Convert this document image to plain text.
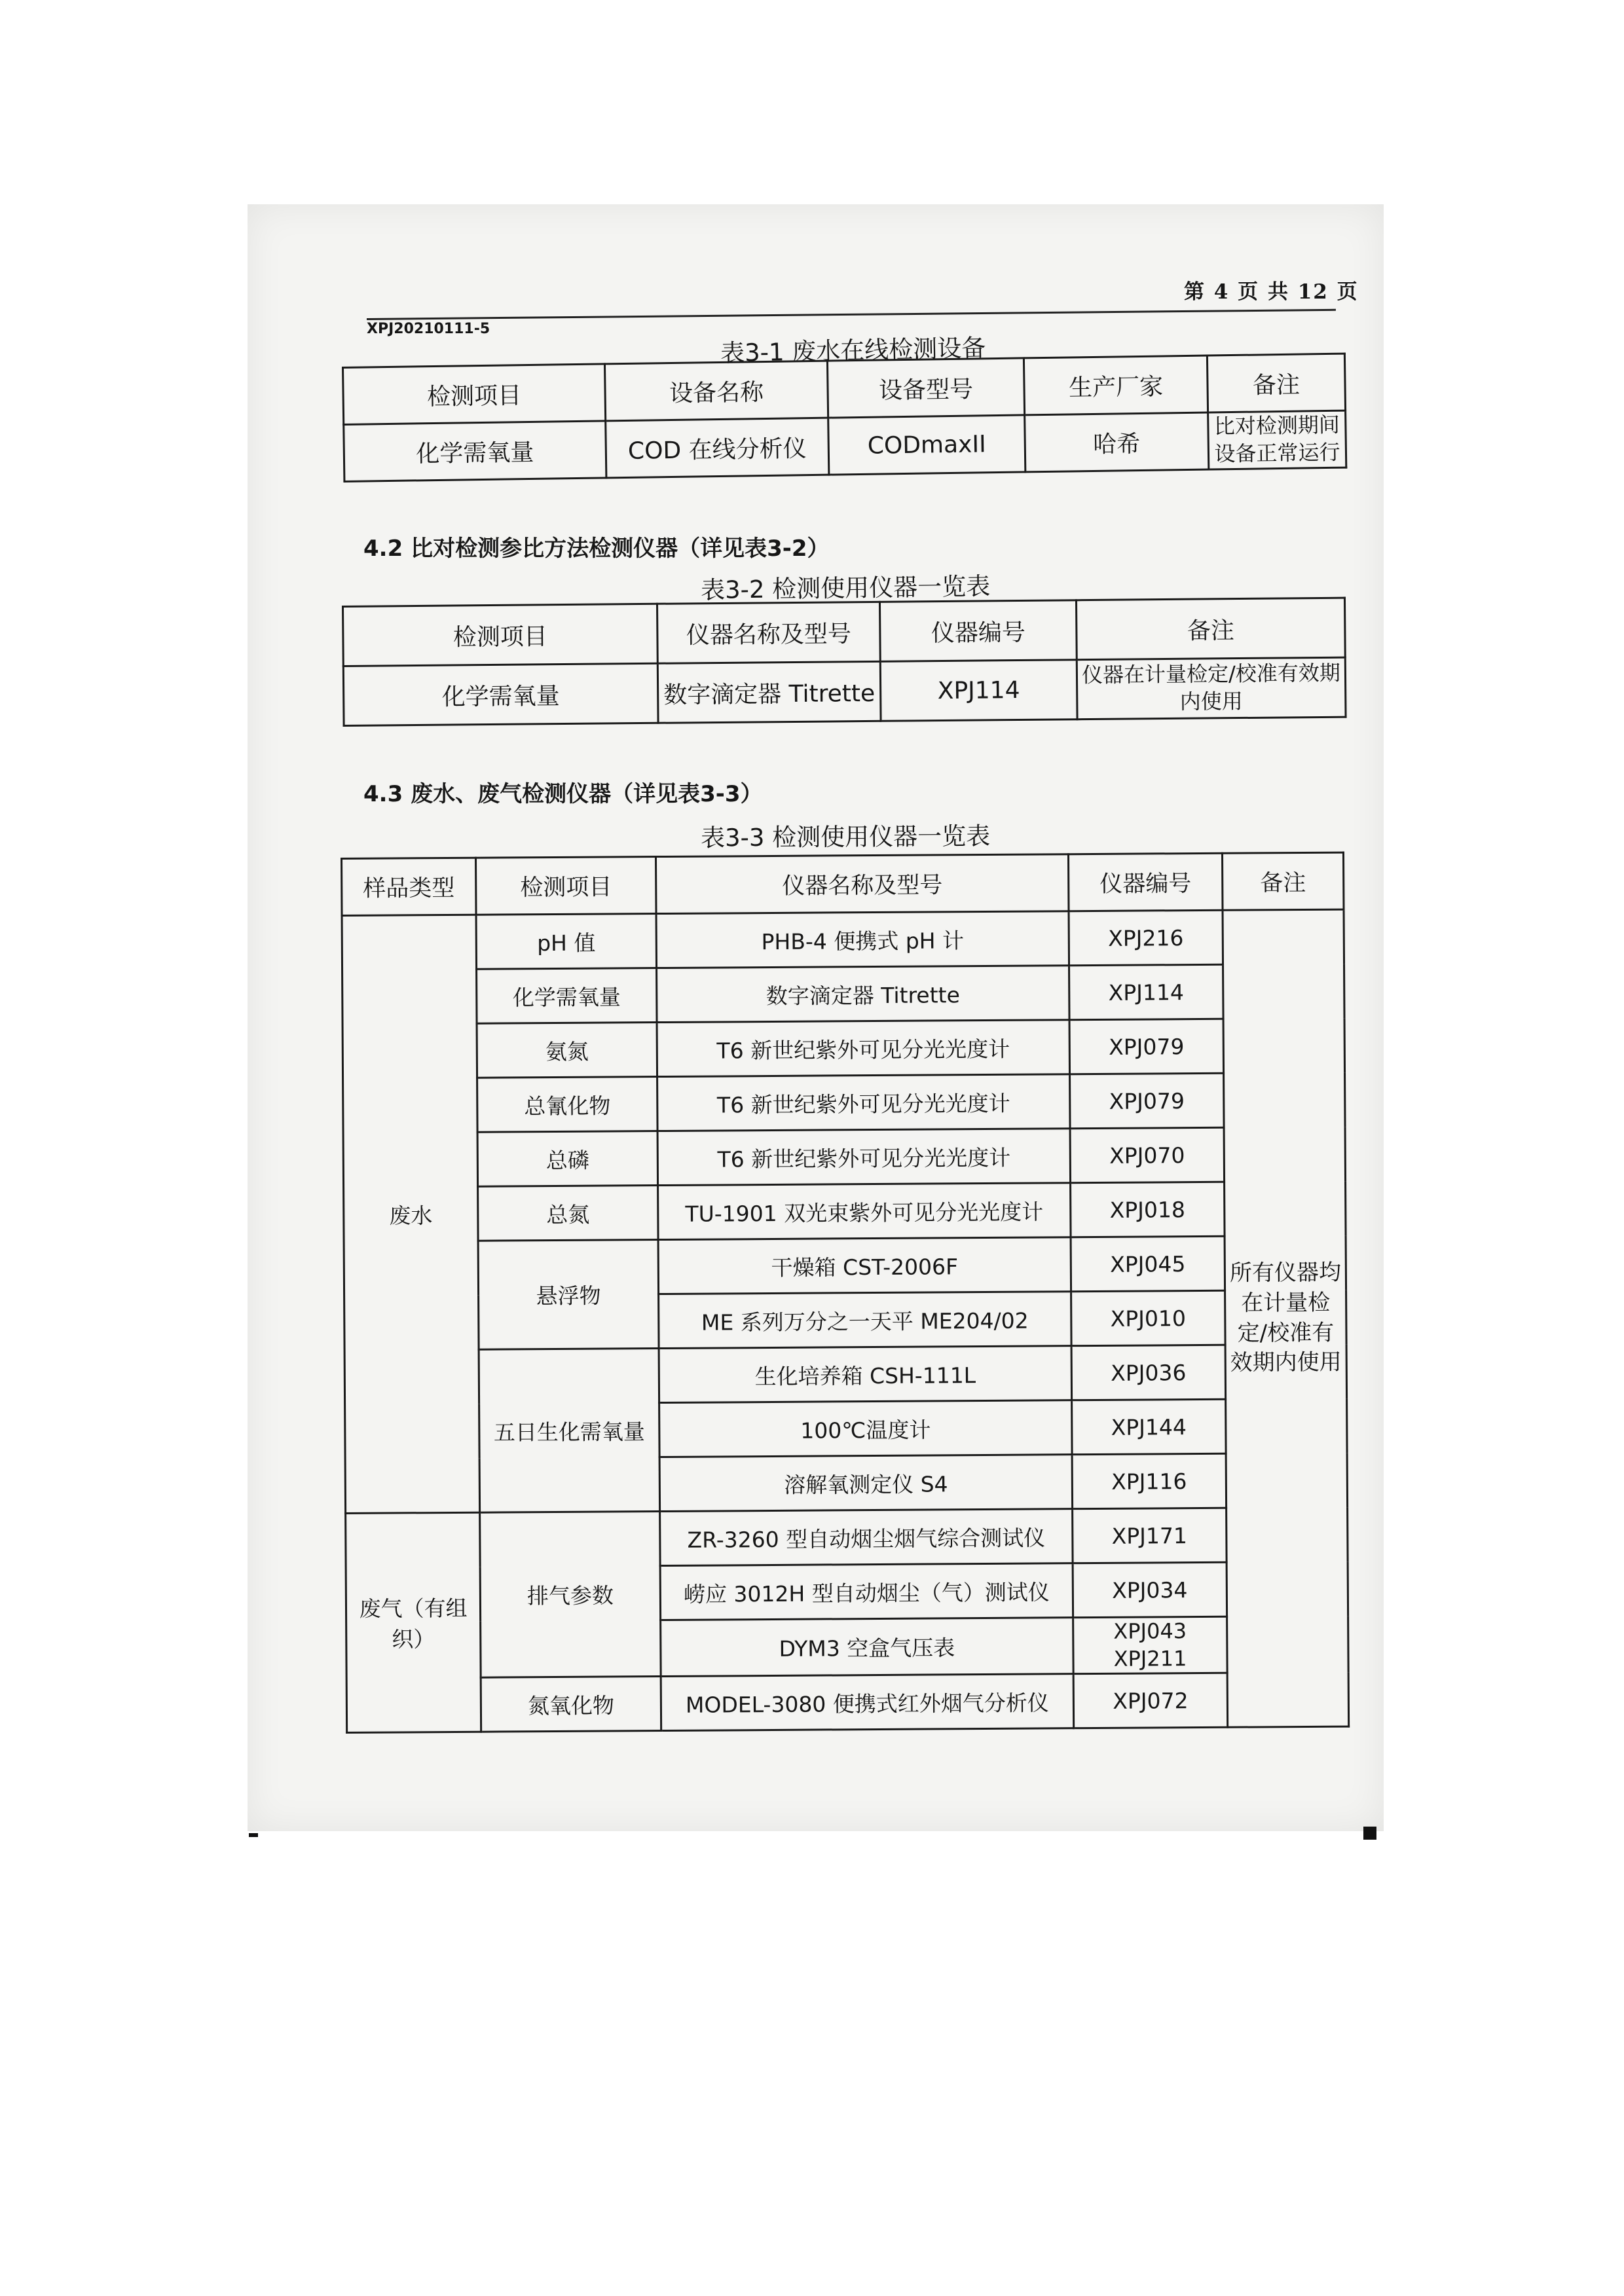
第 4 页 共 12 页
XPJ20210111-5
表3-1 废水在线检测设备
检测项目	设备名称	设备型号	生产厂家	备注
化学需氧量	COD 在线分析仪	CODmaxII	哈希	比对检测期间设备正常运行
4.2 比对检测参比方法检测仪器（详见表3-2）
表3-2 检测使用仪器一览表
检测项目	仪器名称及型号	仪器编号	备注
化学需氧量	数字滴定器 Titrette	XPJ114	仪器在计量检定/校准有效期内使用
4.3 废水、废气检测仪器（详见表3-3）
表3-3 检测使用仪器一览表
样品类型	检测项目	仪器名称及型号	仪器编号	备注
废水	pH 值	PHB-4 便携式 pH 计	XPJ216	所有仪器均在计量检定/校准有效期内使用
	化学需氧量	数字滴定器 Titrette	XPJ114	
	氨氮	T6 新世纪紫外可见分光光度计	XPJ079	
	总氰化物	T6 新世纪紫外可见分光光度计	XPJ079	
	总磷	T6 新世纪紫外可见分光光度计	XPJ070	
	总氮	TU-1901 双光束紫外可见分光光度计	XPJ018	
	悬浮物	干燥箱 CST-2006F	XPJ045	
		ME 系列万分之一天平 ME204/02	XPJ010	
	五日生化需氧量	生化培养箱 CSH-111L	XPJ036	
		100℃温度计	XPJ144	
		溶解氧测定仪 S4	XPJ116	
废气（有组织）	排气参数	ZR-3260 型自动烟尘烟气综合测试仪	XPJ171	
		崂应 3012H 型自动烟尘（气）测试仪	XPJ034	
		DYM3 空盒气压表	XPJ043 XPJ211	
	氮氧化物	MODEL-3080 便携式红外烟气分析仪	XPJ072	
